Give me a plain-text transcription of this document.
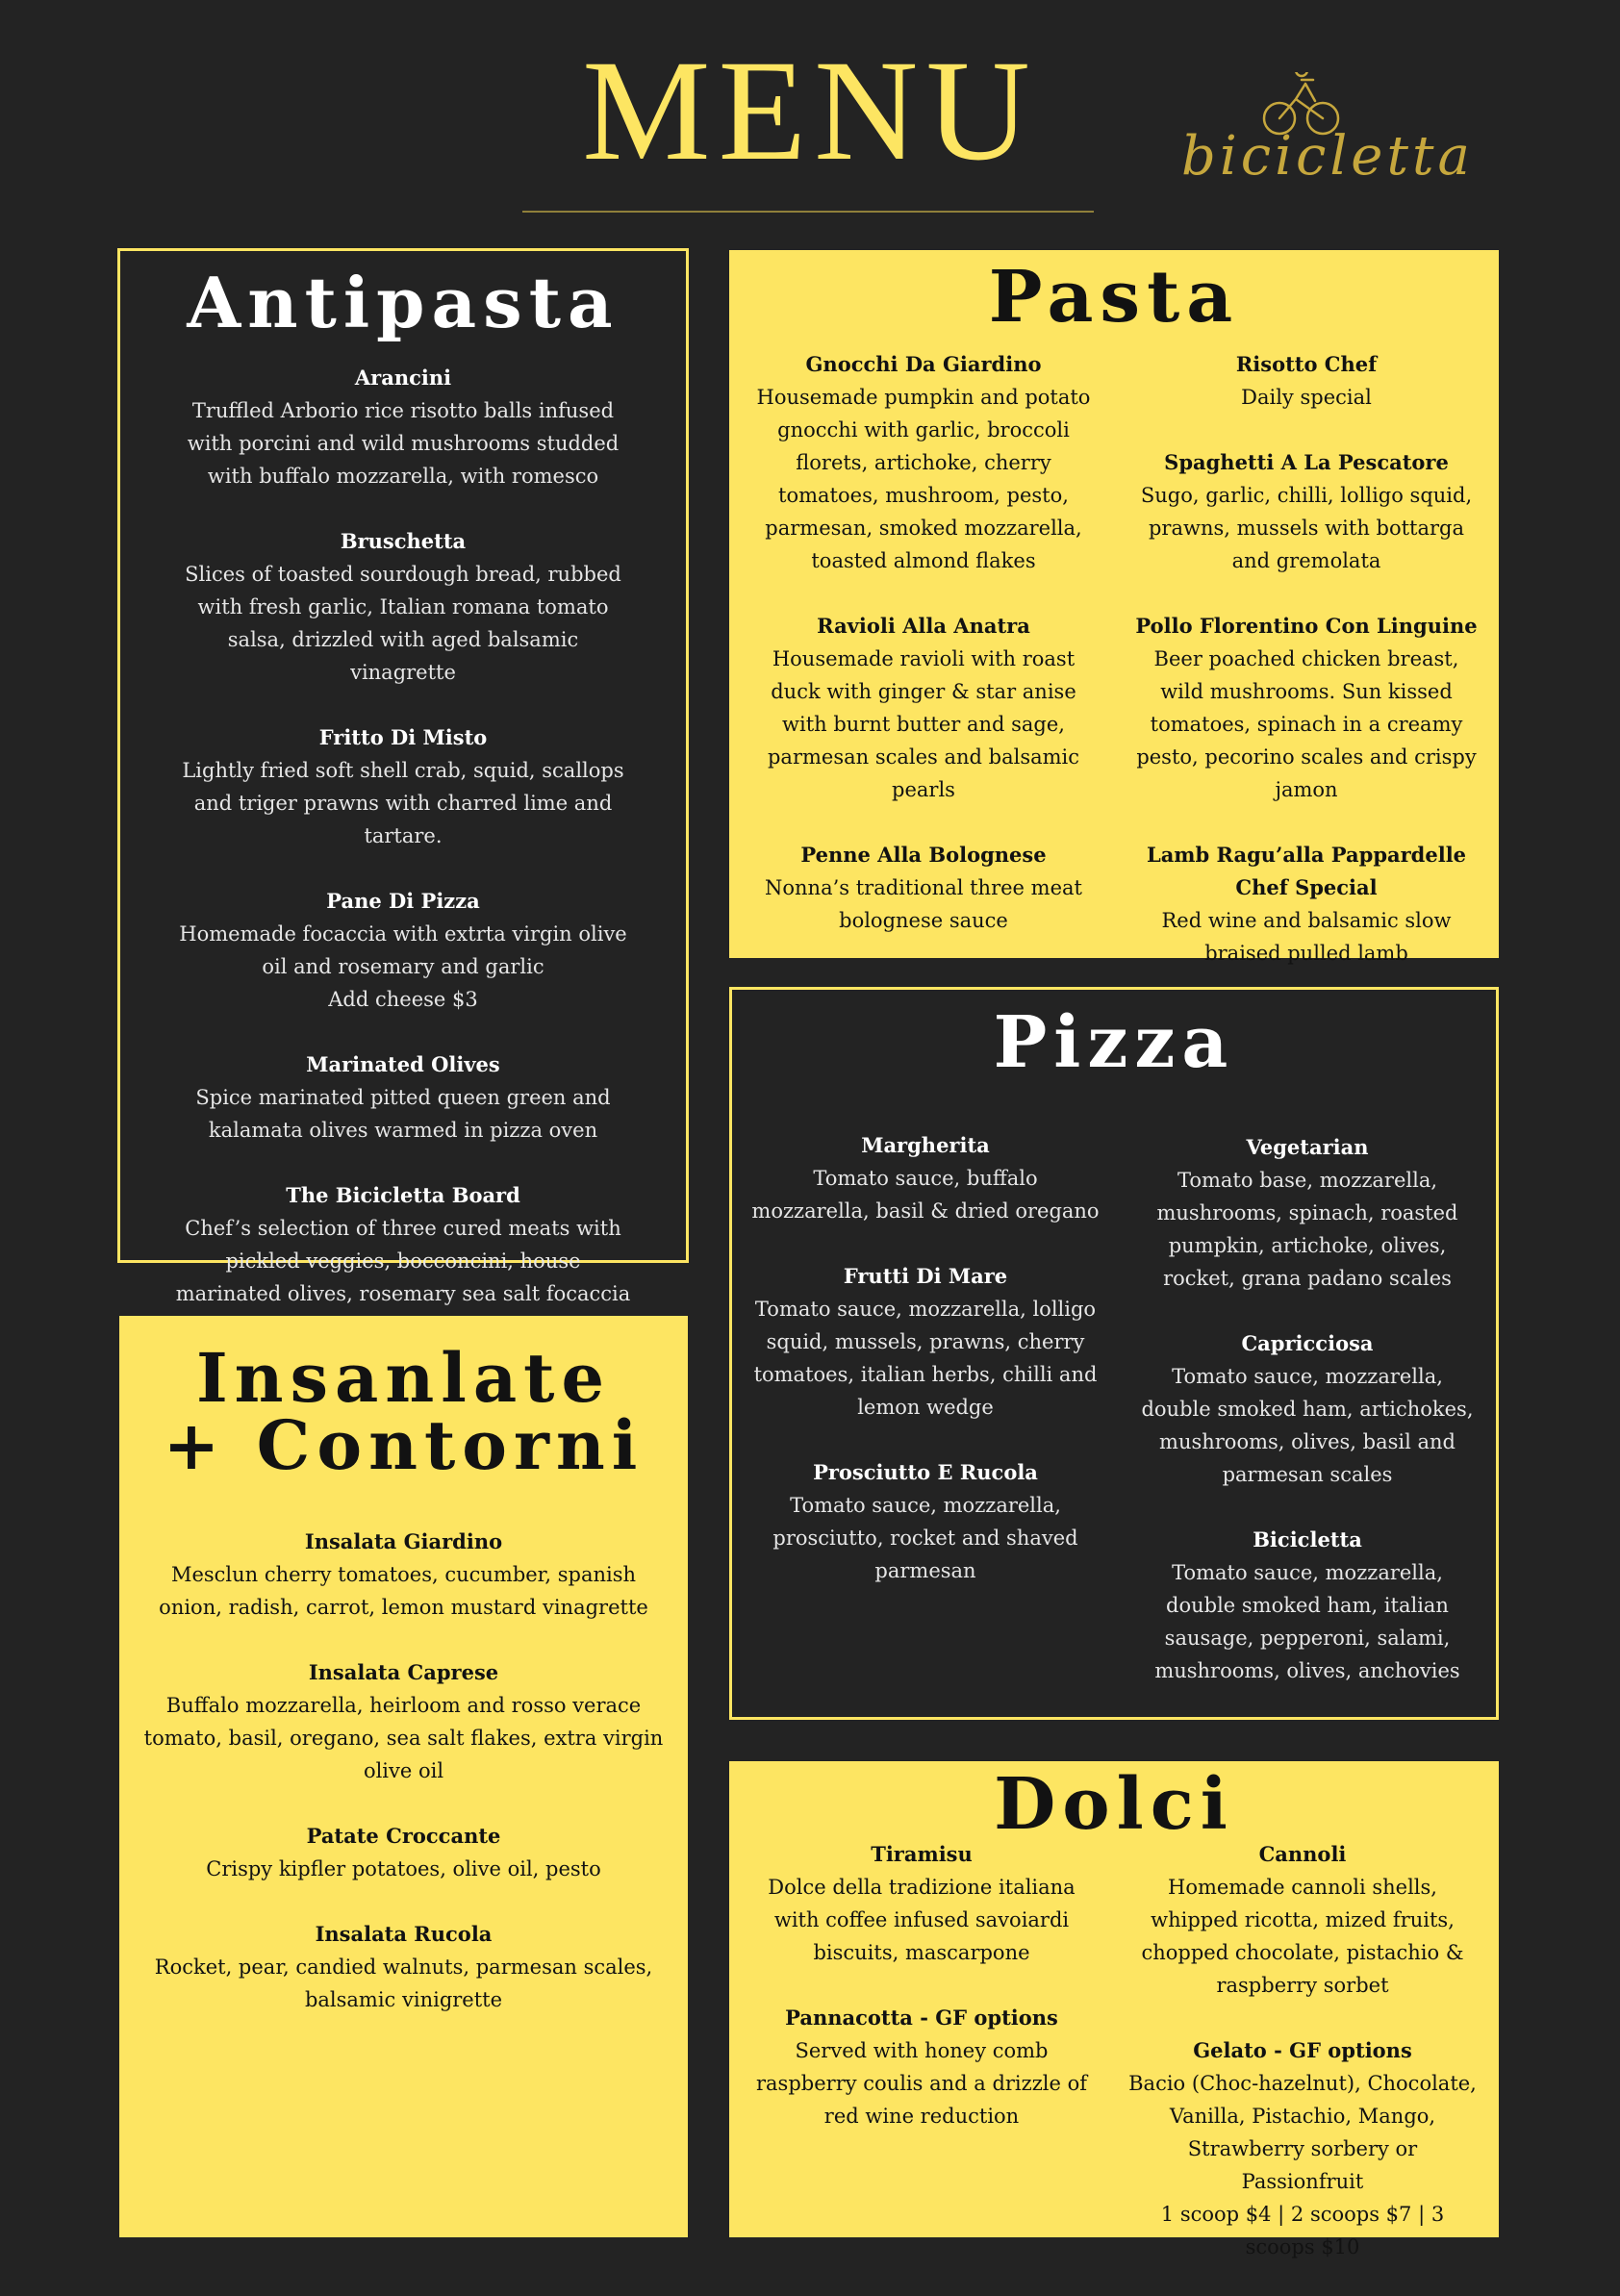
MENU	bicicletta
Antipasta
Arancini
Truffled Arborio rice risotto balls infused with porcini and wild mushrooms studded with buffalo mozzarella, with romesco
Bruschetta
Slices of toasted sourdough bread, rubbed with fresh garlic, Italian romana tomato salsa, drizzled with aged balsamic vinagrette
Fritto Di Misto
Lightly fried soft shell crab, squid, scallops and triger prawns with charred lime and tartare.
Pane Di Pizza
Homemade focaccia with extrta virgin olive oil and rosemary and garlic
Add cheese $3
Marinated Olives
Spice marinated pitted queen green and kalamata olives warmed in pizza oven
The Bicicletta Board
Chef’s selection of three cured meats with pickled veggies, bocconcini, house marinated olives, rosemary sea salt focaccia
Pasta
Gnocchi Da Giardino
Housemade pumpkin and potato gnocchi with garlic, broccoli florets, artichoke, cherry tomatoes, mushroom, pesto, parmesan, smoked mozzarella, toasted almond flakes
Ravioli Alla Anatra
Housemade ravioli with roast duck with ginger & star anise with burnt butter and sage, parmesan scales and balsamic pearls
Penne Alla Bolognese
Nonna’s traditional three meat bolognese sauce
Risotto Chef
Daily special
Spaghetti A La Pescatore
Sugo, garlic, chilli, lolligo squid, prawns, mussels with bottarga and gremolata
Pollo Florentino Con Linguine
Beer poached chicken breast, wild mushrooms. Sun kissed tomatoes, spinach in a creamy pesto, pecorino scales and crispy jamon
Lamb Ragu’alla Pappardelle Chef Special
Red wine and balsamic slow braised pulled lamb
Pizza
Margherita
Tomato sauce, buffalo mozzarella, basil & dried oregano
Frutti Di Mare
Tomato sauce, mozzarella, lolligo squid, mussels, prawns, cherry tomatoes, italian herbs, chilli and lemon wedge
Prosciutto E Rucola
Tomato sauce, mozzarella, prosciutto, rocket and shaved parmesan
Vegetarian
Tomato base, mozzarella, mushrooms, spinach, roasted pumpkin, artichoke, olives, rocket, grana padano scales
Capricciosa
Tomato sauce, mozzarella, double smoked ham, artichokes, mushrooms, olives, basil and parmesan scales
Bicicletta
Tomato sauce, mozzarella, double smoked ham, italian sausage, pepperoni, salami, mushrooms, olives, anchovies
Insanlate
+ Contorni
Insalata Giardino
Mesclun cherry tomatoes, cucumber, spanish onion, radish, carrot, lemon mustard vinagrette
Insalata Caprese
Buffalo mozzarella, heirloom and rosso verace tomato, basil, oregano, sea salt flakes, extra virgin olive oil
Patate Croccante
Crispy kipfler potatoes, olive oil, pesto
Insalata Rucola
Rocket, pear, candied walnuts, parmesan scales, balsamic vinigrette
Dolci
Tiramisu
Dolce della tradizione italiana with coffee infused savoiardi biscuits, mascarpone
Pannacotta - GF options
Served with honey comb raspberry coulis and a drizzle of red wine reduction
Cannoli
Homemade cannoli shells, whipped ricotta, mized fruits, chopped chocolate, pistachio & raspberry sorbet
Gelato - GF options
Bacio (Choc-hazelnut), Chocolate, Vanilla, Pistachio, Mango, Strawberry sorbery or Passionfruit
1 scoop $4 | 2 scoops $7 | 3 scoops $10
